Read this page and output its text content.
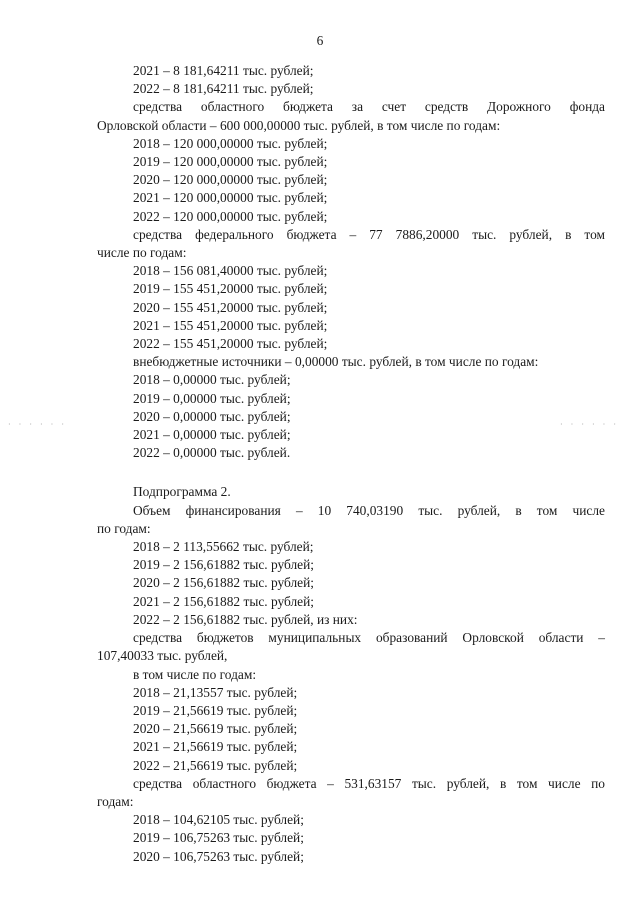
6
· · · · · ·	· · · · · ·
2021 – 8 181,64211 тыс. рублей;
2022 – 8 181,64211 тыс. рублей;
средства областного бюджета за счет средств Дорожного фонда
Орловской области – 600 000,00000 тыс. рублей, в том числе по годам:
2018 – 120 000,00000 тыс. рублей;
2019 – 120 000,00000 тыс. рублей;
2020 – 120 000,00000 тыс. рублей;
2021 – 120 000,00000 тыс. рублей;
2022 – 120 000,00000 тыс. рублей;
средства федерального бюджета – 77 7886,20000 тыс. рублей, в том
числе по годам:
2018 – 156 081,40000 тыс. рублей;
2019 – 155 451,20000 тыс. рублей;
2020 – 155 451,20000 тыс. рублей;
2021 – 155 451,20000 тыс. рублей;
2022 – 155 451,20000 тыс. рублей;
внебюджетные источники – 0,00000 тыс. рублей, в том числе по годам:
2018 – 0,00000 тыс. рублей;
2019 – 0,00000 тыс. рублей;
2020 – 0,00000 тыс. рублей;
2021 – 0,00000 тыс. рублей;
2022 – 0,00000 тыс. рублей.
Подпрограмма 2.
Объем финансирования – 10 740,03190 тыс. рублей, в том числе
по годам:
2018 – 2 113,55662 тыс. рублей;
2019 – 2 156,61882 тыс. рублей;
2020 – 2 156,61882 тыс. рублей;
2021 – 2 156,61882 тыс. рублей;
2022 – 2 156,61882 тыс. рублей, из них:
средства бюджетов муниципальных образований Орловской области –
107,40033 тыс. рублей,
в том числе по годам:
2018 – 21,13557 тыс. рублей;
2019 – 21,56619 тыс. рублей;
2020 – 21,56619 тыс. рублей;
2021 – 21,56619 тыс. рублей;
2022 – 21,56619 тыс. рублей;
средства областного бюджета – 531,63157 тыс. рублей, в том числе по
годам:
2018 – 104,62105 тыс. рублей;
2019 – 106,75263 тыс. рублей;
2020 – 106,75263 тыс. рублей;
